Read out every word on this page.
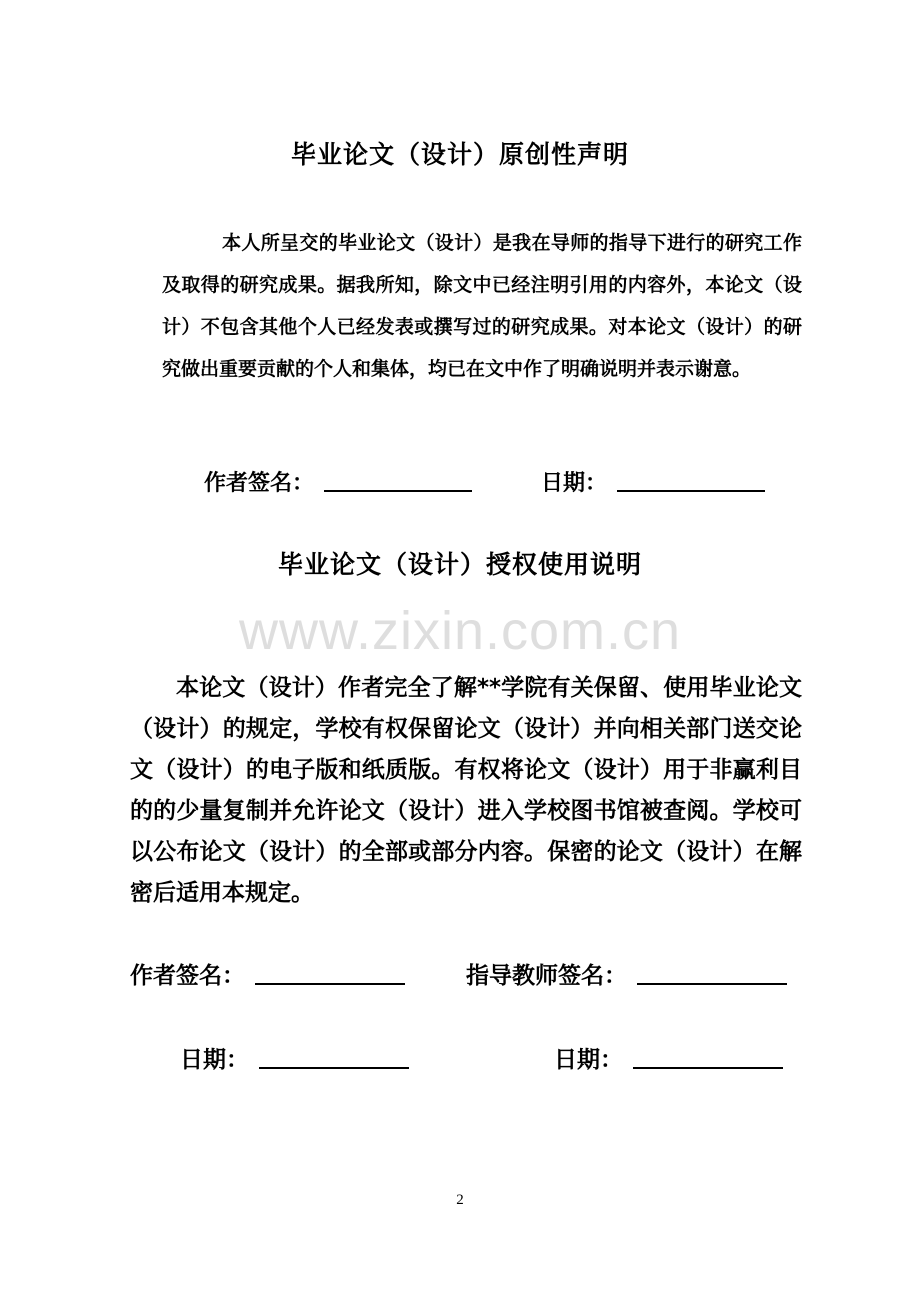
毕业论文（设计）原创性声明

本人所呈交的毕业论文（设计）是我在导师的指导下进行的研究工作及取得的研究成果。据我所知，除文中已经注明引用的内容外，本论文（设计）不包含其他个人已经发表或撰写过的研究成果。对本论文（设计）的研究做出重要贡献的个人和集体，均已在文中作了明确说明并表示谢意。

作者签名：	日期：
毕业论文（设计）授权使用说明
www.zixin.com.cn

本论文（设计）作者完全了解**学院有关保留、使用毕业论文（设计）的规定，学校有权保留论文（设计）并向相关部门送交论文（设计）的电子版和纸质版。有权将论文（设计）用于非赢利目的的少量复制并允许论文（设计）进入学校图书馆被查阅。学校可以公布论文（设计）的全部或部分内容。保密的论文（设计）在解密后适用本规定。

作者签名：	指导教师签名：
日期：	日期：
2
